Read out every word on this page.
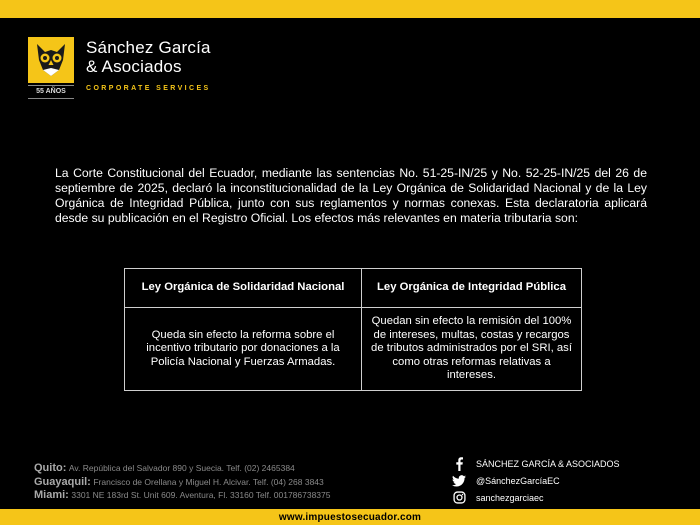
55 AÑOS
Sánchez García
& Asociados
CORPORATE SERVICES
La Corte Constitucional del Ecuador, mediante las sentencias No. 51-25-IN/25 y No. 52-25-IN/25 del 26 de septiembre de 2025, declaró la inconstitucionalidad de la Ley Orgánica de Solidaridad Nacional y de la Ley Orgánica de Integridad Pública, junto con sus reglamentos y normas conexas. Esta declaratoria aplicará desde su publicación en el Registro Oficial. Los efectos más relevantes en materia tributaria son:
Ley Orgánica de Solidaridad Nacional	Ley Orgánica de Integridad Pública
Queda sin efecto la reforma sobre el incentivo tributario por donaciones a la Policía Nacional y Fuerzas Armadas.	Quedan sin efecto la remisión del 100% de intereses, multas, costas y recargos de tributos administrados por el SRI, así como otras reformas relativas a intereses.
Quito: Av. República del Salvador 890 y Suecia. Telf. (02) 2465384
Guayaquil: Francisco de Orellana y Miguel H. Alcivar. Telf. (04) 268 3843
Miami: 3301 NE 183rd St. Unit 609. Aventura, Fl. 33160 Telf. 001786738375
SÁNCHEZ GARCÍA & ASOCIADOS
@SánchezGarcíaEC
sanchezgarciaec
www.impuestosecuador.com
